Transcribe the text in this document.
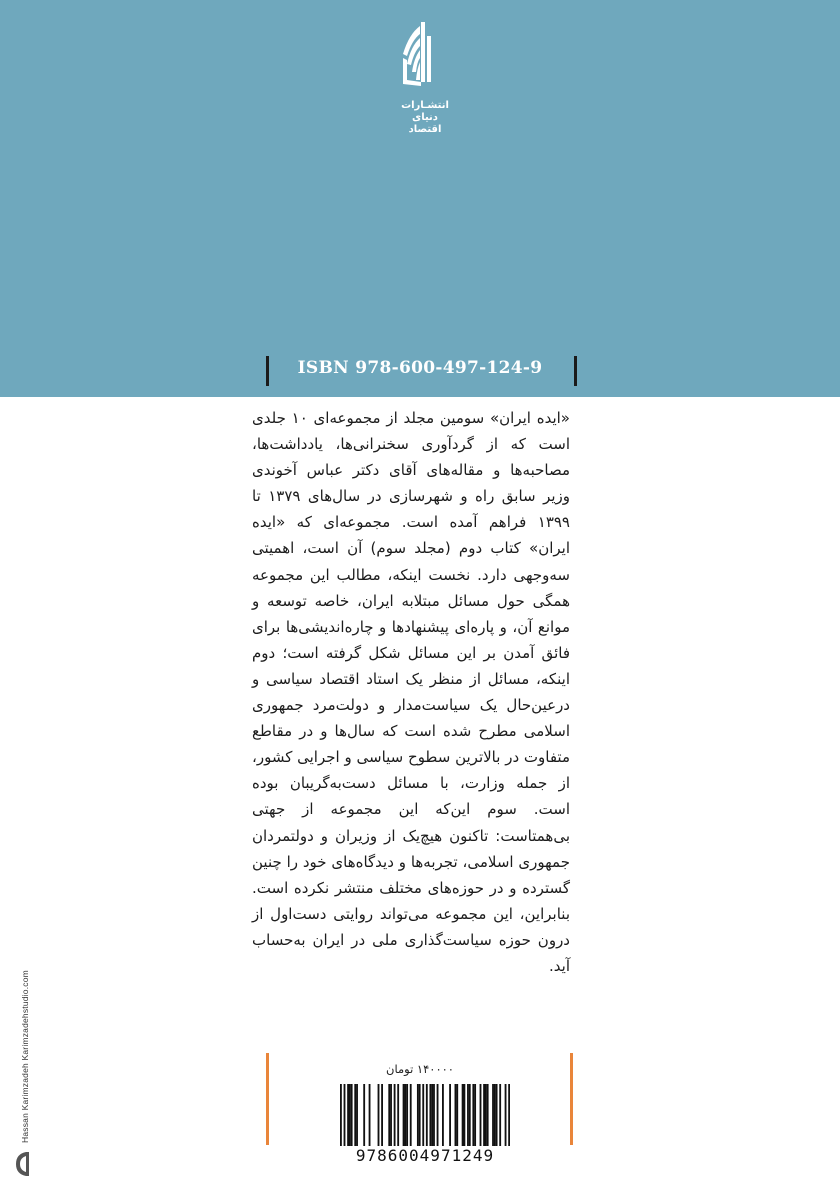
انتشـارات
دنیای اقتصاد
ISBN 978-600-497-124-9

«ایده ایران» سومین مجلد از مجموعه‌ای ۱۰ جلدی است که از گردآوری سخنرانی‌ها، یادداشت‌ها، مصاحبه‌ها و مقاله‌های آقای دکتر عباس آخوندی وزیر سابق راه و شهرسازی در سال‌های ۱۳۷۹ تا ۱۳۹۹ فراهم آمده است. مجموعه‌ای که «ایده ایران» کتاب دوم (مجلد سوم) آن است، اهمیتی سه‌وجهی دارد. نخست اینکه، مطالب این مجموعه همگی حول مسائل مبتلابه ایران، خاصه توسعه و موانع آن، و پاره‌ای پیشنهادها و چاره‌اندیشی‌ها برای فائق آمدن بر این مسائل شکل گرفته است؛ دوم اینکه، مسائل از منظر یک استاد اقتصاد سیاسی و درعین‌حال یک سیاست‌مدار و دولت‌مرد جمهوری اسلامی مطرح شده است که سال‌ها و در مقاطع متفاوت در بالاترین سطوح سیاسی و اجرایی کشور، از جمله وزارت، با مسائل دست‌به‌گریبان بوده است. سوم این‌که این مجموعه از جهتی بی‌همتاست: تاکنون هیچ‌یک از وزیران و دولتمردان جمهوری اسلامی، تجربه‌ها و دیدگاه‌های خود را چنین گسترده و در حوزه‌های مختلف منتشر نکرده است. بنابراین، این مجموعه می‌تواند روایتی دست‌اول از درون حوزه سیاست‌گذاری ملی در ایران به‌حساب آید.

Hassan Karimzadeh Karimzadehstudio.com	۱۴۰۰۰۰ تومان
9786004971249
